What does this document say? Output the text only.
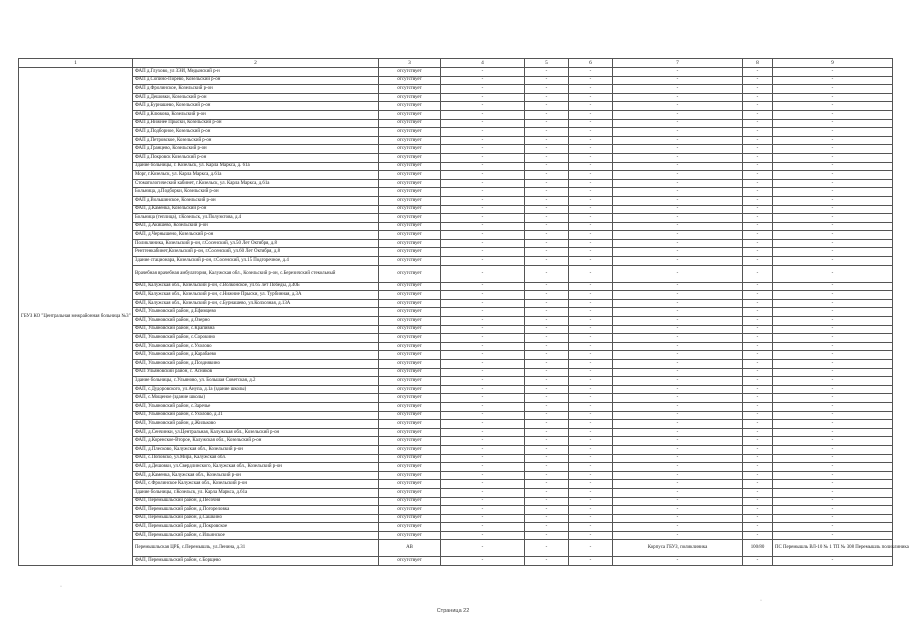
1	2	3	4	5	6	7	8	9
ГБУЗ КО "Центральная межрайонная больница №3"	ФАП д.Глухово, ул ЗЭИ, Медынский р-н	отсутствует	-	-	-	-	-	-
	ФАП д.Сопино-Порево, Козельский р-он	отсутствует	-	-	-	-	-	-
	ФАП д.Фролинское, Козельский р-он	отсутствует	-	-	-	-	-	-
	ФАП д.Дешовки, Козельский р-он	отсутствует	-	-	-	-	-	-
	ФАП д.Бурнашево, Козельский р-он	отсутствует	-	-	-	-	-	-
	ФАП д.Клюкова, Козельский р-он	отсутствует	-	-	-	-	-	-
	ФАП д.Нижнее Прыски, Козельский р-он	отсутствует	-	-	-	-	-	-
	ФАП д.Подборное, Козельский р-он	отсутствует	-	-	-	-	-	-
	ФАП д.Петровское, Козельский р-он	отсутствует	-	-	-	-	-	-
	ФАП д.Гранцево, Козельский р-он	отсутствует	-	-	-	-	-	-
	ФАП д.Покровск Козельский р-он	отсутствует	-	-	-	-	-	-
	Здание больницы, г. Козельск, ул. Карла Маркса, д. 61а	отсутствует	-	-	-	-	-	-
	Морг, г.Козельск, ул. Карла Маркса, д.61а	отсутствует	-	-	-	-	-	-
	Стоматологический кабинет, г.Козельск, ул. Карла Маркса, д.61а	отсутствует	-	-	-	-	-	-
	Больница, д.Подборки, Козельский р-он	отсутствует	-	-	-	-	-	-
	ФАП д.Вольшинское, Козельский р-он	отсутствует	-	-	-	-	-	-
	ФАП, д.Каменка, Козельский р-он	отсутствует	-	-	-	-	-	-
	Больница (теплица), г.Козельск, ул.Полуэктова, д.4	отсутствует	-	-	-	-	-	-
	ФАП, д.Акишево, Козельский р-он	отсутствует	-	-	-	-	-	-
	ФАП, д.Чернышено, Козельский р-он	отсутствует	-	-	-	-	-	-
	Поликлиника, Козельский р-он, г.Сосенский, ул.50 Лет Октября, д.8	отсутствует	-	-	-	-	-	-
	Рентгенкабинет,Козельский р-он, г.Сосенский, ул.60 Лет Октября, д.8	отсутствует	-	-	-	-	-	-
	Здание стационара, Козельский р-он, г.Сосенский, ул.15 Подгоречное, д.4	отсутствует	-	-	-	-	-	-
	Врачебная врачебная амбулатория, Калужская обл., Козельский р-он, с.Березичский стекольный	отсутствует	-	-	-	-	-	-
	ФАП, Калужская обл., Козельский р-он, с.Волконское, ул.65 лет Победы, д.40Б	отсутствует	-	-	-	-	-	-
	ФАП, Калужская обл., Козельский р-он, с.Нижние Прыски, ул. Турбинная, д.3А	отсутствует	-	-	-	-	-	-
	ФАП, Калужская обл., Козельский р-он, с.Бурнашево, ул.Колхозная, д.13А	отсутствует	-	-	-	-	-	-
	ФАП, Ульяновский район, д.Ефимцево	отсутствует	-	-	-	-	-	-
	ФАП, Ульяновский район, д.Озерно	отсутствует	-	-	-	-	-	-
	ФАП, Ульяновский район, с.Крапивна	отсутствует	-	-	-	-	-	-
	ФАП, Ульяновский район, с.Сорокино	отсутствует	-	-	-	-	-	-
	ФАП, Ульяновский район, с.Ухолово	отсутствует	-	-	-	-	-	-
	ФАП, Ульяновский район, д.Карабаево	отсутствует	-	-	-	-	-	-
	ФАП, Ульяновский район, д.Позднякино	отсутствует	-	-	-	-	-	-
	ФАП Ульяновский район, с. Асников	отсутствует	-	-	-	-	-	-
	Здание больницы, с.Ульяново, ул. Большая Советская, д.2	отсутствует	-	-	-	-	-	-
	ФАП, с.Дудоровского, ул.Анупа, д.1а (здание школы)	отсутствует	-	-	-	-	-	-
	ФАП, с.Мощеное (здание школы)	отсутствует	-	-	-	-	-	-
	ФАП, Ульяновский район, с.Заречье	отсутствует	-	-	-	-	-	-
	ФАП, Ульяновский район, с.Ухолово, д.31	отсутствует	-	-	-	-	-	-
	ФАП, Ульяновский район, д.Жильково	отсутствует	-	-	-	-	-	-
	ФАП, д.Сенчинки, ул.Центральная, Калужская обл., Козельский р-он	отсутствует	-	-	-	-	-	-
	ФАП, д.Коренское-Второе, Калужская обл., Козельский р-он	отсутствует	-	-	-	-	-	-
	ФАП, д.Плесково, Калужская обл., Козельский р-он	отсутствует	-	-	-	-	-	-
	ФАП, с.Поповско, ул.Мира, Калужская обл.	отсутствует	-	-	-	-	-	-
	ФАП, д.Дешовки, ул.Свердлинского, Калужская обл., Козельский р-он	отсутствует	-	-	-	-	-	-
	ФАП, д.Каменка, Калужская обл., Козельский р-он	отсутствует	-	-	-	-	-	-
	ФАП, с.Фролинское Калужская обл., Козельский р-он	отсутствует	-	-	-	-	-	-
	Здание больницы, г.Козельск, ул. Карла Маркса, д.61а	отсутствует	-	-	-	-	-	-
	ФАП, Перемышльский район, д.Песочня	отсутствует	-	-	-	-	-	-
	ФАП, Перемышльский район, д.Погореловка	отсутствует	-	-	-	-	-	-
	ФАП, Перемышльский район, д.Сашкино	отсутствует	-	-	-	-	-	-
	ФАП, Перемышльский район, д.Покровское	отсутствует	-	-	-	-	-	-
	ФАП, Перемышльский район, с.Ильинское	отсутствует	-	-	-	-	-	-
	Перемышльская ЦРБ, с.Перемышль, ул.Ленина, д.31	АВ	-	-	-	Корпуса ГБУЗ, поликлиника	100/80	ПС Перемышль ВЛ-10 № 1 ТП № 308 Перемышль поликлиника
	ФАП, Перемышльский район, с.Борщево	отсутствует	-	-	-	-	-	-
·
·
Страница 22
